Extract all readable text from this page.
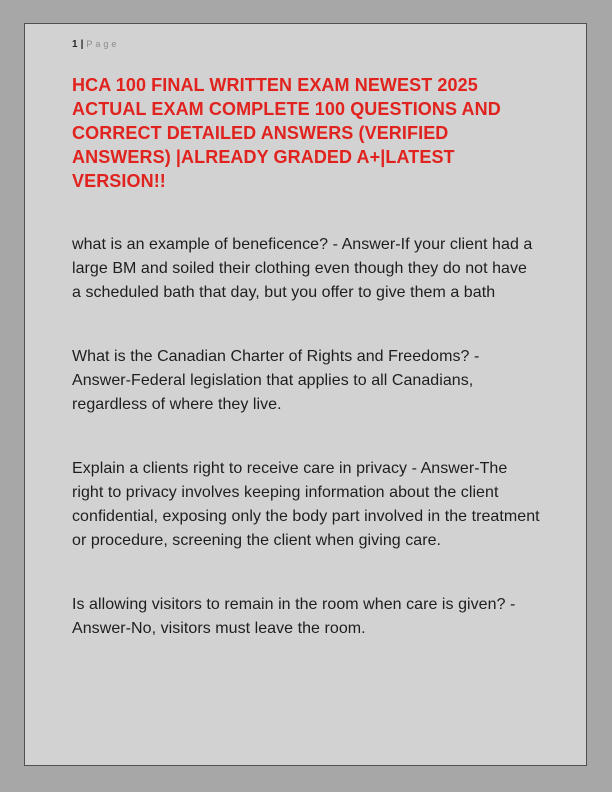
1 | Page
HCA 100 FINAL WRITTEN EXAM NEWEST 2025
ACTUAL EXAM COMPLETE 100 QUESTIONS AND
CORRECT DETAILED ANSWERS (VERIFIED
ANSWERS) |ALREADY GRADED A+|LATEST
VERSION!!

what is an example of beneficence? - Answer-If your client had a large BM and soiled their clothing even though they do not have a scheduled bath that day, but you offer to give them a bath

What is the Canadian Charter of Rights and Freedoms? - Answer-Federal legislation that applies to all Canadians, regardless of where they live.

Explain a clients right to receive care in privacy - Answer-The right to privacy involves keeping information about the client confidential, exposing only the body part involved in the treatment or procedure, screening the client when giving care.

Is allowing visitors to remain in the room when care is given? - Answer-No, visitors must leave the room.
